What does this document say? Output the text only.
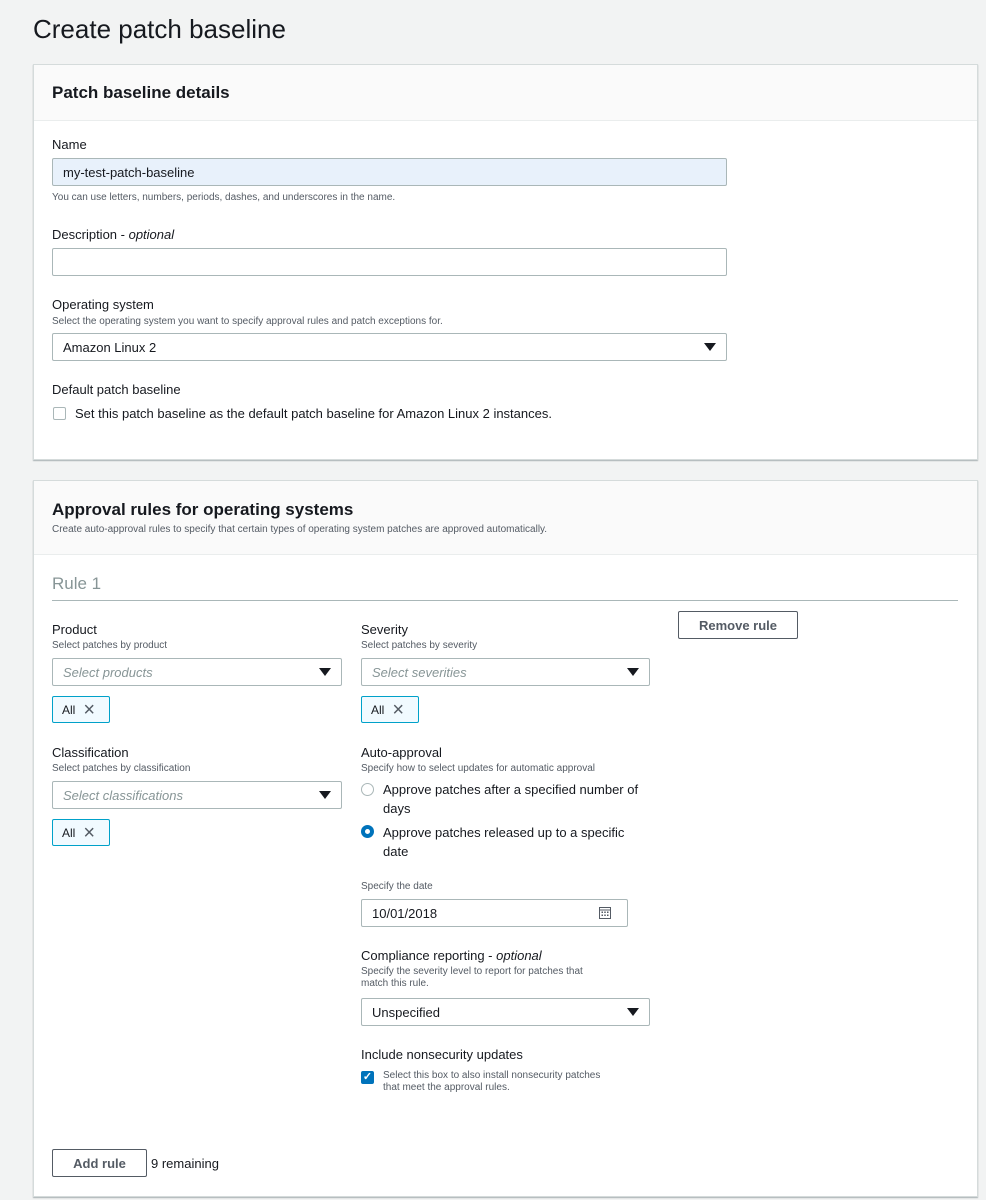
Create patch baseline
Patch baseline details
Name
my-test-patch-baseline
You can use letters, numbers, periods, dashes, and underscores in the name.
Description - optional
Operating system
Select the operating system you want to specify approval rules and patch exceptions for.
Amazon Linux 2
Default patch baseline
Set this patch baseline as the default patch baseline for Amazon Linux 2 instances.
Approval rules for operating systems
Create auto-approval rules to specify that certain types of operating system patches are approved automatically.
Rule 1
Remove rule
Product
Select patches by product
Select products
All ×
Severity
Select patches by severity
Select severities
All ×
Classification
Select patches by classification
Select classifications
All ×
Auto-approval
Specify how to select updates for automatic approval
Approve patches after a specified number of
days
Approve patches released up to a specific
date
Specify the date
10/01/2018
Compliance reporting - optional
Specify the severity level to report for patches that
match this rule.
Unspecified
Include nonsecurity updates
✓ Select this box to also install nonsecurity patches
that meet the approval rules.
Add rule	9 remaining
